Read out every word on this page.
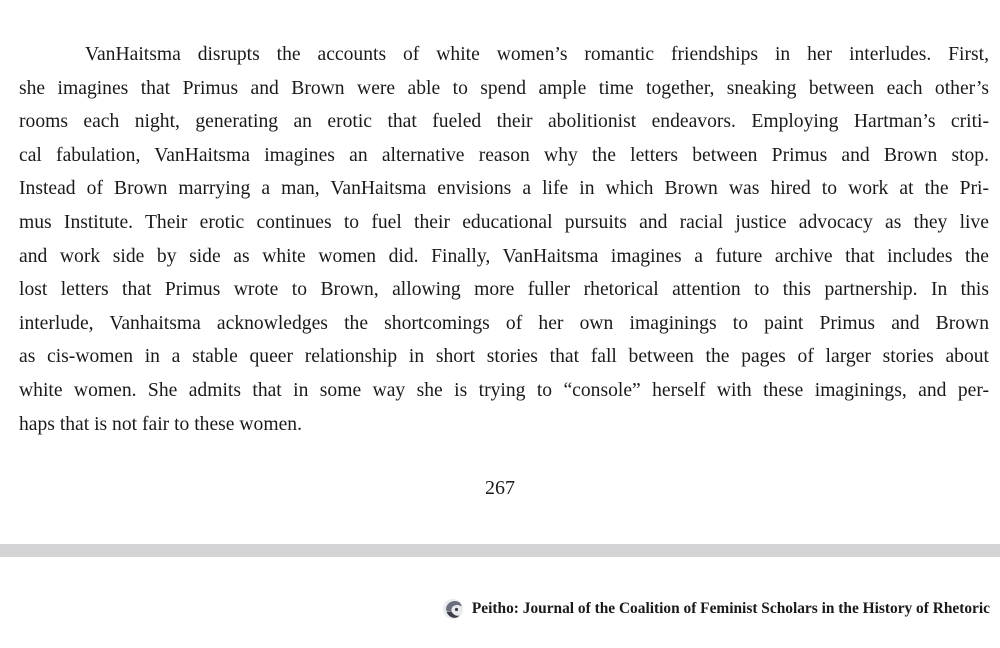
VanHaitsma disrupts the accounts of white women’s romantic friendships in her interludes. First,
she imagines that Primus and Brown were able to spend ample time together, sneaking between each other’s
rooms each night, generating an erotic that fueled their abolitionist endeavors. Employing Hartman’s criti-
cal fabulation, VanHaitsma imagines an alternative reason why the letters between Primus and Brown stop.
Instead of Brown marrying a man, VanHaitsma envisions a life in which Brown was hired to work at the Pri-
mus Institute. Their erotic continues to fuel their educational pursuits and racial justice advocacy as they live
and work side by side as white women did. Finally, VanHaitsma imagines a future archive that includes the
lost letters that Primus wrote to Brown, allowing more fuller rhetorical attention to this partnership. In this
interlude, Vanhaitsma acknowledges the shortcomings of her own imaginings to paint Primus and Brown
as cis-women in a stable queer relationship in short stories that fall between the pages of larger stories about
white women. She admits that in some way she is trying to “console” herself with these imaginings, and per-
haps that is not fair to these women.

267
Peitho: Journal of the Coalition of Feminist Scholars in the History of Rhetoric
